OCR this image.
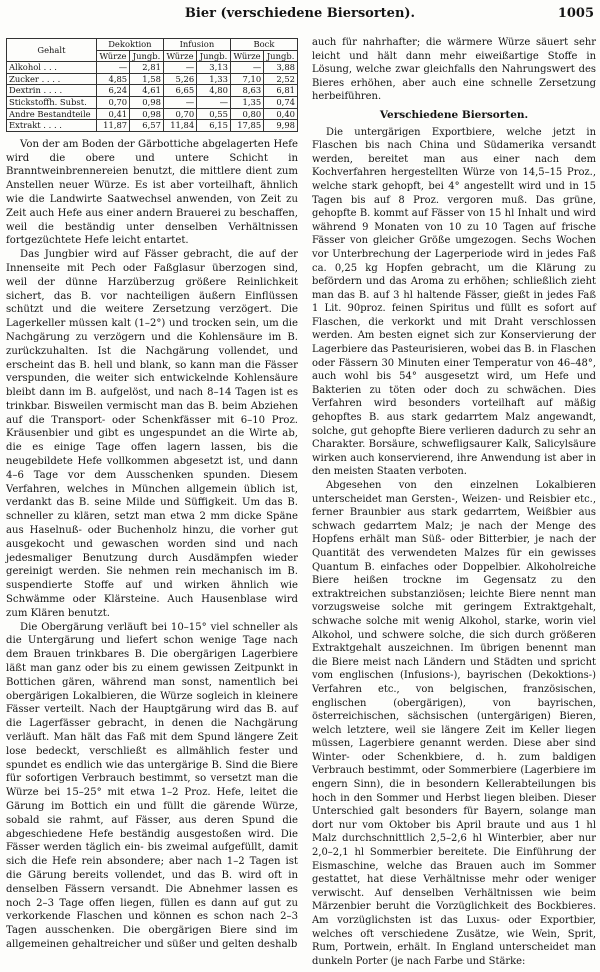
Bier (verschiedene Biersorten).	1005
Gehalt	Dekoktion		Infusion		Bock	
	Würze	Jungb.	Würze	Jungb.	Würze	Jungb.
Alkohol . . .	—	2,81	—	3,13	—	3,88
Zucker . . . .	4,85	1,58	5,26	1,33	7,10	2,52
Dextrin . . . .	6,24	4,61	6,65	4,80	8,63	6,81
Stickstoffh. Subst.	0,70	0,98	—	—	1,35	0,74
Andre Bestandteile	0,41	0,98	0,70	0,55	0,80	0,40
Extrakt . . . .	11,87	6,57	11,84	6,15	17,85	9,98

Von der am Boden der Gärbottiche abgelagerten Hefe wird die obere und untere Schicht in Branntweinbrennereien benutzt, die mittlere dient zum Anstellen neuer Würze. Es ist aber vorteilhaft, ähnlich wie die Landwirte Saatwechsel anwenden, von Zeit zu Zeit auch Hefe aus einer andern Brauerei zu beschaffen, weil die beständig unter denselben Verhältnissen fortgezüchtete Hefe leicht entartet.

Das Jungbier wird auf Fässer gebracht, die auf der Innenseite mit Pech oder Faßglasur überzogen sind, weil der dünne Harzüberzug größere Reinlichkeit sichert, das B. vor nachteiligen äußern Einflüssen schützt und die weitere Zersetzung verzögert. Die Lagerkeller müssen kalt (1–2°) und trocken sein, um die Nachgärung zu verzögern und die Kohlensäure im B. zurückzuhalten. Ist die Nachgärung vollendet, und erscheint das B. hell und blank, so kann man die Fässer verspunden, die weiter sich entwickelnde Kohlensäure bleibt dann im B. aufgelöst, und nach 8–14 Tagen ist es trinkbar. Bisweilen vermischt man das B. beim Abziehen auf die Transport- oder Schenkfässer mit 6–10 Proz. Kräusenbier und gibt es ungespundet an die Wirte ab, die es einige Tage offen lagern lassen, bis die neugebildete Hefe vollkommen abgesetzt ist, und dann 4–6 Tage vor dem Ausschenken spunden. Diesem Verfahren, welches in München allgemein üblich ist, verdankt das B. seine Milde und Süffigkeit. Um das B. schneller zu klären, setzt man etwa 2 mm dicke Späne aus Haselnuß- oder Buchenholz hinzu, die vorher gut ausgekocht und gewaschen worden sind und nach jedesmaliger Benutzung durch Ausdämpfen wieder gereinigt werden. Sie nehmen rein mechanisch im B. suspendierte Stoffe auf und wirken ähnlich wie Schwämme oder Klärsteine. Auch Hausenblase wird zum Klären benutzt.

Die Obergärung verläuft bei 10–15° viel schneller als die Untergärung und liefert schon wenige Tage nach dem Brauen trinkbares B. Die obergärigen Lagerbiere läßt man ganz oder bis zu einem gewissen Zeitpunkt in Bottichen gären, während man sonst, namentlich bei obergärigen Lokalbieren, die Würze sogleich in kleinere Fässer verteilt. Nach der Hauptgärung wird das B. auf die Lagerfässer gebracht, in denen die Nachgärung verläuft. Man hält das Faß mit dem Spund längere Zeit lose bedeckt, verschließt es allmählich fester und spundet es endlich wie das untergärige B. Sind die Biere für sofortigen Verbrauch bestimmt, so versetzt man die Würze bei 15–25° mit etwa 1–2 Proz. Hefe, leitet die Gärung im Bottich ein und füllt die gärende Würze, sobald sie rahmt, auf Fässer, aus deren Spund die abgeschiedene Hefe beständig ausgestoßen wird. Die Fässer werden täglich ein- bis zweimal aufgefüllt, damit sich die Hefe rein absondere; aber nach 1–2 Tagen ist die Gärung bereits vollendet, und das B. wird oft in denselben Fässern versandt. Die Abnehmer lassen es noch 2–3 Tage offen liegen, füllen es dann auf gut zu verkorkende Flaschen und können es schon nach 2–3 Tagen ausschenken. Die obergärigen Biere sind im allgemeinen gehaltreicher und süßer und gelten deshalb

auch für nahrhafter; die wärmere Würze säuert sehr leicht und hält dann mehr eiweißartige Stoffe in Lösung, welche zwar gleichfalls den Nahrungswert des Bieres erhöhen, aber auch eine schnelle Zersetzung herbeiführen.

Verschiedene Biersorten.

Die untergärigen Exportbiere, welche jetzt in Flaschen bis nach China und Südamerika versandt werden, bereitet man aus einer nach dem Kochverfahren hergestellten Würze von 14,5–15 Proz., welche stark gehopft, bei 4° angestellt wird und in 15 Tagen bis auf 8 Proz. vergoren muß. Das grüne, gehopfte B. kommt auf Fässer von 15 hl Inhalt und wird während 9 Monaten von 10 zu 10 Tagen auf frische Fässer von gleicher Größe umgezogen. Sechs Wochen vor Unterbrechung der Lagerperiode wird in jedes Faß ca. 0,25 kg Hopfen gebracht, um die Klärung zu befördern und das Aroma zu erhöhen; schließlich zieht man das B. auf 3 hl haltende Fässer, gießt in jedes Faß 1 Lit. 90proz. feinen Spiritus und füllt es sofort auf Flaschen, die verkorkt und mit Draht verschlossen werden. Am besten eignet sich zur Konservierung der Lagerbiere das Pasteurisieren, wobei das B. in Flaschen oder Fässern 30 Minuten einer Temperatur von 46–48°, auch wohl bis 54° ausgesetzt wird, um Hefe und Bakterien zu töten oder doch zu schwächen. Dies Verfahren wird besonders vorteilhaft auf mäßig gehopftes B. aus stark gedarrtem Malz angewandt, solche, gut gehopfte Biere verlieren dadurch zu sehr an Charakter. Borsäure, schwefligsaurer Kalk, Salicylsäure wirken auch konservierend, ihre Anwendung ist aber in den meisten Staaten verboten.

Abgesehen von den einzelnen Lokalbieren unterscheidet man Gersten-, Weizen- und Reisbier etc., ferner Braunbier aus stark gedarrtem, Weißbier aus schwach gedarrtem Malz; je nach der Menge des Hopfens erhält man Süß- oder Bitterbier, je nach der Quantität des verwendeten Malzes für ein gewisses Quantum B. einfaches oder Doppelbier. Alkoholreiche Biere heißen trockne im Gegensatz zu den extraktreichen substanziösen; leichte Biere nennt man vorzugsweise solche mit geringem Extraktgehalt, schwache solche mit wenig Alkohol, starke, worin viel Alkohol, und schwere solche, die sich durch größeren Extraktgehalt auszeichnen. Im übrigen benennt man die Biere meist nach Ländern und Städten und spricht vom englischen (Infusions-), bayrischen (Dekoktions-) Verfahren etc., von belgischen, französischen, englischen (obergärigen), von bayrischen, österreichischen, sächsischen (untergärigen) Bieren, welch letztere, weil sie längere Zeit im Keller liegen müssen, Lagerbiere genannt werden. Diese aber sind Winter- oder Schenkbiere, d. h. zum baldigen Verbrauch bestimmt, oder Sommerbiere (Lagerbiere im engern Sinn), die in besondern Kellerabteilungen bis hoch in den Sommer und Herbst liegen bleiben. Dieser Unterschied galt besonders für Bayern, solange man dort nur vom Oktober bis April braute und aus 1 hl Malz durchschnittlich 2,5–2,6 hl Winterbier, aber nur 2,0–2,1 hl Sommerbier bereitete. Die Einführung der Eismaschine, welche das Brauen auch im Sommer gestattet, hat diese Verhältnisse mehr oder weniger verwischt. Auf denselben Verhältnissen wie beim Märzenbier beruht die Vorzüglichkeit des Bockbieres. Am vorzüglichsten ist das Luxus- oder Exportbier, welches oft verschiedene Zusätze, wie Wein, Sprit, Rum, Portwein, erhält. In England unterscheidet man dunkeln Porter (je nach Farbe und Stärke:
